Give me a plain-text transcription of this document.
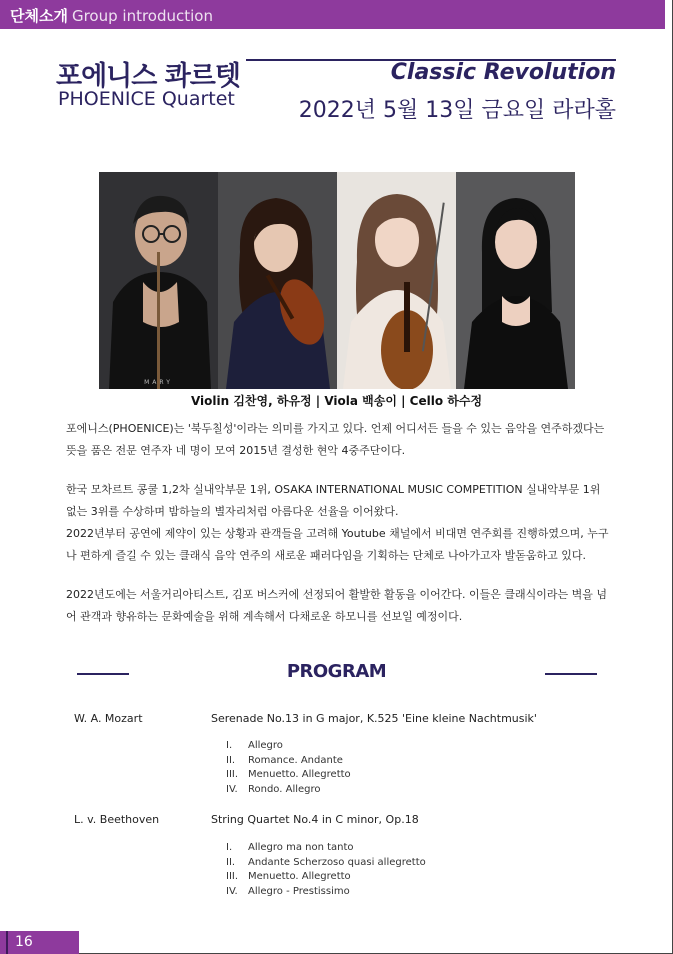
단체소개 Group introduction
포에니스 콰르텟
PHOENICE Quartet
Classic Revolution
2022년 5월 13일 금요일 라라홀
MARY
Violin 김찬영, 하유정 | Viola 백송이 | Cello 하수정

포에니스(PHOENICE)는 '북두칠성'이라는 의미를 가지고 있다. 언제 어디서든 들을 수 있는 음악을 연주하겠다는 뜻을 품은 전문 연주자 네 명이 모여 2015년 결성한 현악 4중주단이다.

한국 모차르트 콩쿨 1,2차 실내악부문 1위, OSAKA INTERNATIONAL MUSIC COMPETITION 실내악부문 1위없는 3위를 수상하며 밤하늘의 별자리처럼 아름다운 선율을 이어왔다.

2022년부터 공연에 제약이 있는 상황과 관객들을 고려해 Youtube 채널에서 비대면 연주회를 진행하였으며, 누구나 편하게 즐길 수 있는 클래식 음악 연주의 새로운 패러다임을 기획하는 단체로 나아가고자 발돋움하고 있다.

2022년도에는 서울거리아티스트, 김포 버스커에 선정되어 활발한 활동을 이어간다. 이들은 클래식이라는 벽을 넘어 관객과 향유하는 문화예술을 위해 계속해서 다채로운 하모니를 선보일 예정이다.

PROGRAM
W. A. Mozart	Serenade No.13 in G major, K.525 'Eine kleine Nachtmusik'
I. Allegro
II. Romance. Andante
III. Menuetto. Allegretto
IV. Rondo. Allegro
L. v. Beethoven	String Quartet No.4 in C minor, Op.18
I. Allegro ma non tanto
II. Andante Scherzoso quasi allegretto
III. Menuetto. Allegretto
IV. Allegro - Prestissimo
16
